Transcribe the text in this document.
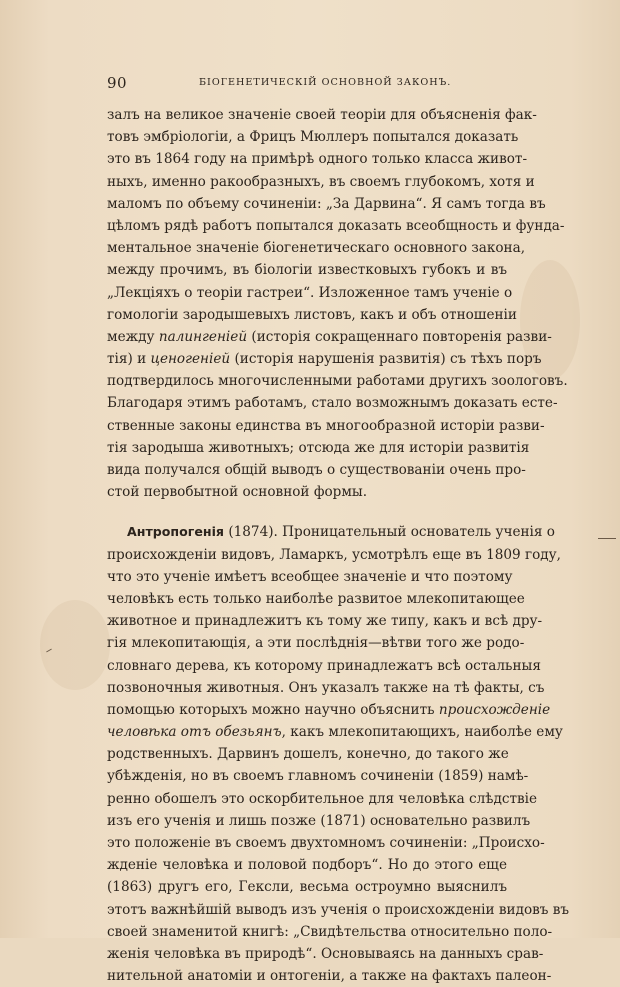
90	БІОГЕНЕТИЧЕСКІЙ ОСНОВНОЙ ЗАКОНЪ.
залъ на великое значеніе своей теоріи для объясненія фак-
товъ эмбріологіи, а Фрицъ Мюллеръ попытался доказать
это въ 1864 году на примѣрѣ одного только класса живот-
ныхъ, именно ракообразныхъ, въ своемъ глубокомъ, хотя и
маломъ по объему сочиненіи: „За Дарвина“. Я самъ тогда въ
цѣломъ рядѣ работъ попытался доказать всеобщность и фунда-
ментальное значеніе біогенетическаго основного закона,
между прочимъ, въ біологіи известковыхъ губокъ и въ
„Лекціяхъ о теоріи гастреи“. Изложенное тамъ ученіе о
гомологіи зародышевыхъ листовъ, какъ и объ отношеніи
между палингеніей (исторія сокращеннаго повторенія разви-
тія) и ценогеніей (исторія нарушенія развитія) съ тѣхъ поръ
подтвердилось многочисленными работами другихъ зоологовъ.
Благодаря этимъ работамъ, стало возможнымъ доказать есте-
ственные законы единства въ многообразной исторіи разви-
тія зародыша животныхъ; отсюда же для исторіи развитія
вида получался общій выводъ о существованіи очень про-
стой первобытной основной формы.
Антропогенія (1874). Проницательный основатель ученія о
происхожденіи видовъ, Ламаркъ, усмотрѣлъ еще въ 1809 году,
что это ученіе имѣетъ всеобщее значеніе и что поэтому
человѣкъ есть только наиболѣе развитое млекопитающее
животное и принадлежитъ къ тому же типу, какъ и всѣ дру-
гія млекопитающія, а эти послѣднія—вѣтви того же родо-
словнаго дерева, къ которому принадлежатъ всѣ остальныя
позвоночныя животныя. Онъ указалъ также на тѣ факты, съ
помощью которыхъ можно научно объяснить происхожденіе
человѣка отъ обезьянъ, какъ млекопитающихъ, наиболѣе ему
родственныхъ. Дарвинъ дошелъ, конечно, до такого же
убѣжденія, но въ своемъ главномъ сочиненіи (1859) намѣ-
ренно обошелъ это оскорбительное для человѣка слѣдствіе
изъ его ученія и лишь позже (1871) основательно развилъ
это положеніе въ своемъ двухтомномъ сочиненіи: „Происхо-
жденіе человѣка и половой подборъ“. Но до этого еще
(1863) другъ его, Гексли, весьма остроумно выяснилъ
этотъ важнѣйшій выводъ изъ ученія о происхожденіи видовъ въ
своей знаменитой книгѣ: „Свидѣтельства относительно поло-
женія человѣка въ природѣ“. Основываясь на данныхъ срав-
нительной анатоміи и онтогеніи, а также на фактахъ палеон-
